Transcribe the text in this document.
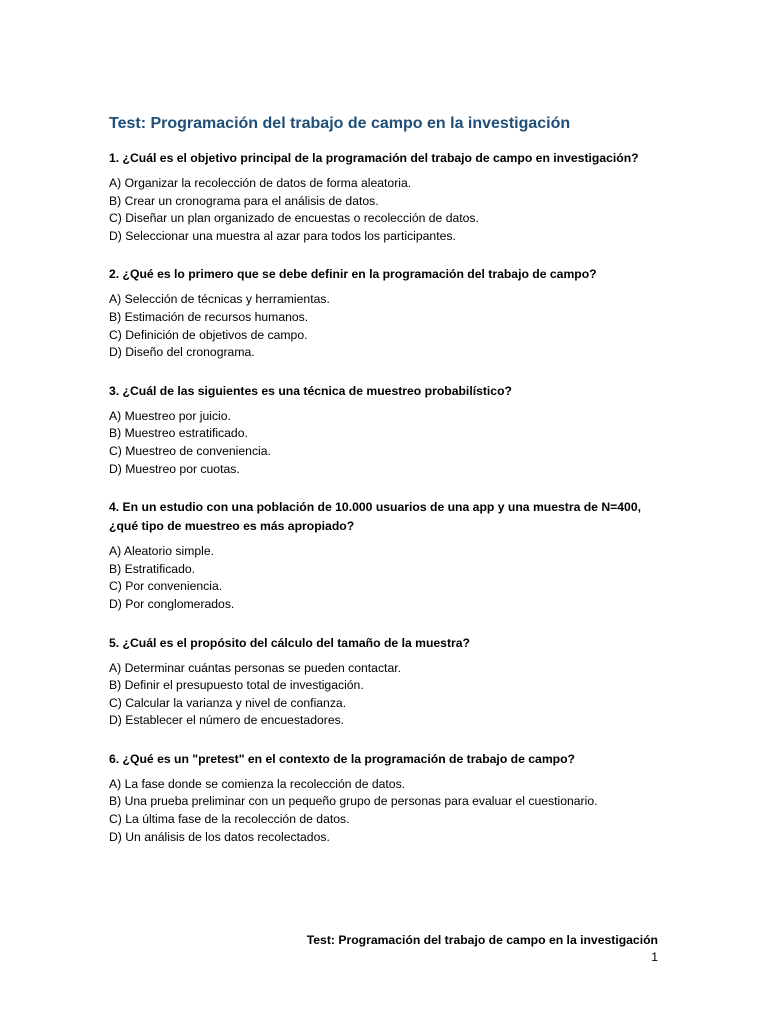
Test: Programación del trabajo de campo en la investigación
1. ¿Cuál es el objetivo principal de la programación del trabajo de campo en investigación?
A) Organizar la recolección de datos de forma aleatoria.
B) Crear un cronograma para el análisis de datos.
C) Diseñar un plan organizado de encuestas o recolección de datos.
D) Seleccionar una muestra al azar para todos los participantes.
2. ¿Qué es lo primero que se debe definir en la programación del trabajo de campo?
A) Selección de técnicas y herramientas.
B) Estimación de recursos humanos.
C) Definición de objetivos de campo.
D) Diseño del cronograma.
3. ¿Cuál de las siguientes es una técnica de muestreo probabilístico?
A) Muestreo por juicio.
B) Muestreo estratificado.
C) Muestreo de conveniencia.
D) Muestreo por cuotas.
4. En un estudio con una población de 10.000 usuarios de una app y una muestra de N=400, ¿qué tipo de muestreo es más apropiado?
A) Aleatorio simple.
B) Estratificado.
C) Por conveniencia.
D) Por conglomerados.
5. ¿Cuál es el propósito del cálculo del tamaño de la muestra?
A) Determinar cuántas personas se pueden contactar.
B) Definir el presupuesto total de investigación.
C) Calcular la varianza y nivel de confianza.
D) Establecer el número de encuestadores.
6. ¿Qué es un "pretest" en el contexto de la programación de trabajo de campo?
A) La fase donde se comienza la recolección de datos.
B) Una prueba preliminar con un pequeño grupo de personas para evaluar el cuestionario.
C) La última fase de la recolección de datos.
D) Un análisis de los datos recolectados.
Test: Programación del trabajo de campo en la investigación
1
